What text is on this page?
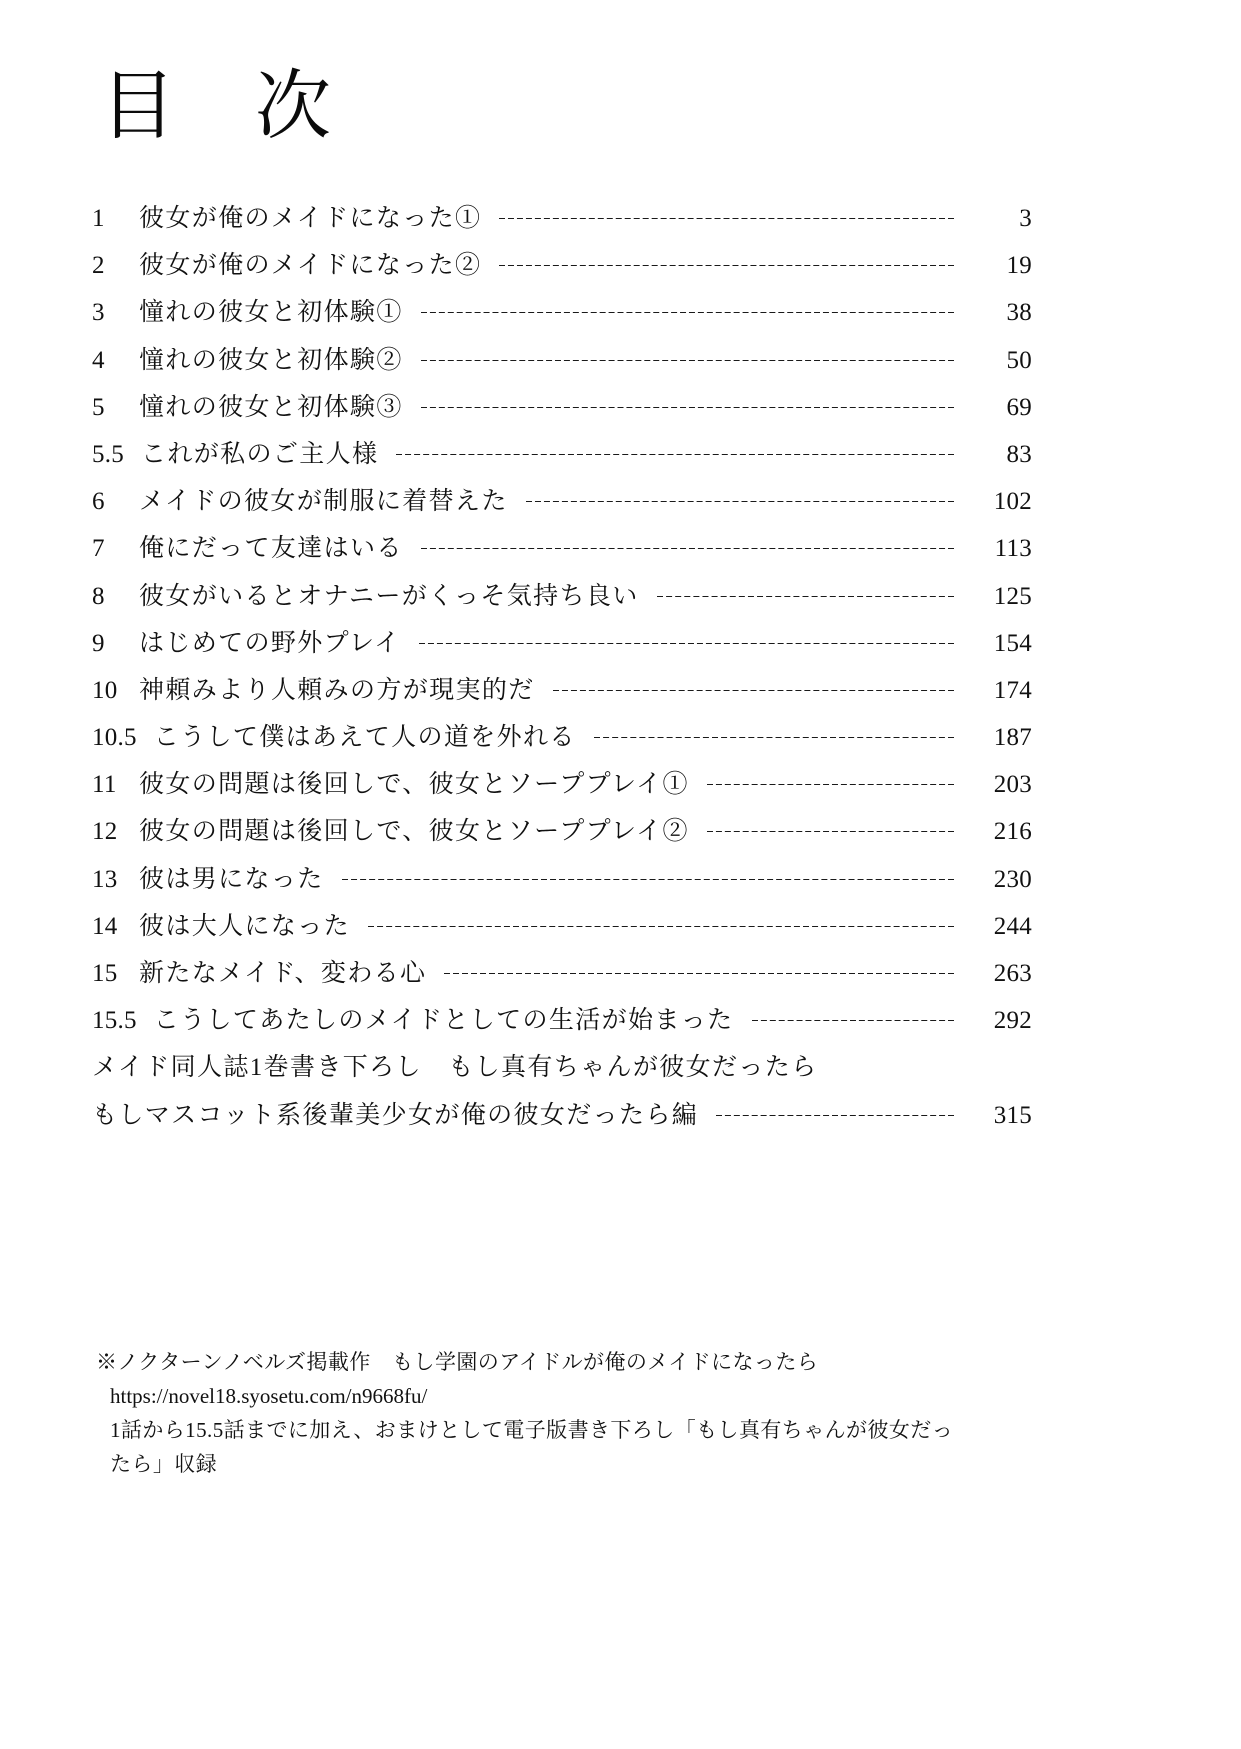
目　次
1	彼女が俺のメイドになった①	3
2	彼女が俺のメイドになった②	19
3	憧れの彼女と初体験①	38
4	憧れの彼女と初体験②	50
5	憧れの彼女と初体験③	69
5.5 これが私のご主人様	83
6	メイドの彼女が制服に着替えた	102
7	俺にだって友達はいる	113
8	彼女がいるとオナニーがくっそ気持ち良い	125
9	はじめての野外プレイ	154
10 神頼みより人頼みの方が現実的だ	174
10.5 こうして僕はあえて人の道を外れる	187
11 彼女の問題は後回しで、彼女とソーププレイ①	203
12 彼女の問題は後回しで、彼女とソーププレイ②	216
13 彼は男になった	230
14 彼は大人になった	244
15 新たなメイド、変わる心	263
15.5 こうしてあたしのメイドとしての生活が始まった	292
メイド同人誌1巻書き下ろし　もし真有ちゃんが彼女だったら
もしマスコット系後輩美少女が俺の彼女だったら編	315
※ノクターンノベルズ掲載作　もし学園のアイドルが俺のメイドになったら
https://novel18.syosetu.com/n9668fu/
1話から15.5話までに加え、おまけとして電子版書き下ろし「もし真有ちゃんが彼女だっ
たら」収録
